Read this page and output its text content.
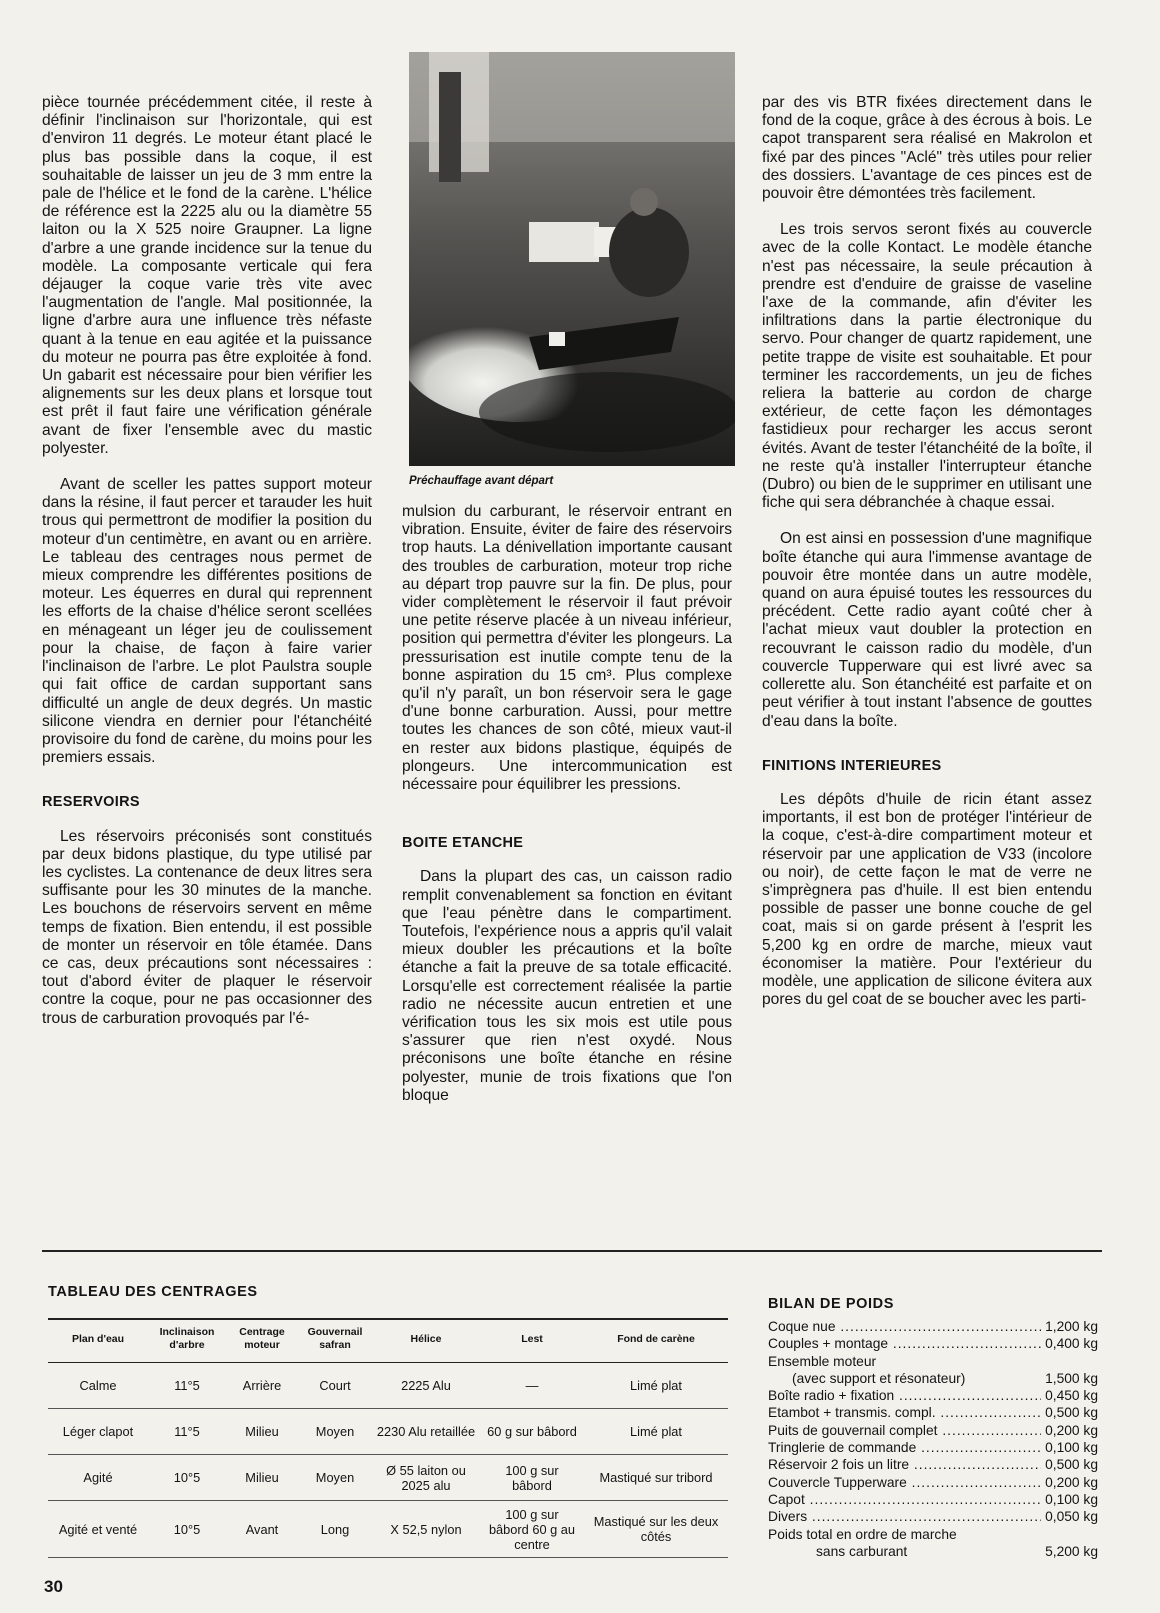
pièce tournée précédemment citée, il reste à définir l'inclinaison sur l'horizontale, qui est d'environ 11 degrés. Le moteur étant placé le plus bas possible dans la coque, il est souhaitable de laisser un jeu de 3 mm entre la pale de l'hélice et le fond de la carène. L'hélice de référence est la 2225 alu ou la diamètre 55 laiton ou la X 525 noire Graupner. La ligne d'arbre a une grande incidence sur la tenue du modèle. La composante verticale qui fera déjauger la coque varie très vite avec l'augmentation de l'angle. Mal positionnée, la ligne d'arbre aura une influence très néfaste quant à la tenue en eau agitée et la puissance du moteur ne pourra pas être exploitée à fond. Un gabarit est nécessaire pour bien vérifier les alignements sur les deux plans et lorsque tout est prêt il faut faire une vérification générale avant de fixer l'ensemble avec du mastic polyester.

Avant de sceller les pattes support moteur dans la résine, il faut percer et tarauder les huit trous qui permettront de modifier la position du moteur d'un centimètre, en avant ou en arrière. Le tableau des centrages nous permet de mieux comprendre les différentes positions de moteur. Les équerres en dural qui reprennent les efforts de la chaise d'hélice seront scellées en ménageant un léger jeu de coulissement pour la chaise, de façon à faire varier l'inclinaison de l'arbre. Le plot Paulstra souple qui fait office de cardan supportant sans difficulté un angle de deux degrés. Un mastic silicone viendra en dernier pour l'étanchéité provisoire du fond de carène, du moins pour les premiers essais.

RESERVOIRS

Les réservoirs préconisés sont constitués par deux bidons plastique, du type utilisé par les cyclistes. La contenance de deux litres sera suffisante pour les 30 minutes de la manche. Les bouchons de réservoirs servent en même temps de fixation. Bien entendu, il est possible de monter un réservoir en tôle étamée. Dans ce cas, deux précautions sont nécessaires : tout d'abord éviter de plaquer le réservoir contre la coque, pour ne pas occasionner des trous de carburation provoqués par l'é-

Préchauffage avant départ

mulsion du carburant, le réservoir entrant en vibration. Ensuite, éviter de faire des réservoirs trop hauts. La dénivellation importante causant des troubles de carburation, moteur trop riche au départ trop pauvre sur la fin. De plus, pour vider complètement le réservoir il faut prévoir une petite réserve placée à un niveau inférieur, position qui permettra d'éviter les plongeurs. La pressurisation est inutile compte tenu de la bonne aspiration du 15 cm³. Plus complexe qu'il n'y paraît, un bon réservoir sera le gage d'une bonne carburation. Aussi, pour mettre toutes les chances de son côté, mieux vaut-il en rester aux bidons plastique, équipés de plongeurs. Une intercommunication est nécessaire pour équilibrer les pressions.

BOITE ETANCHE

Dans la plupart des cas, un caisson radio remplit convenablement sa fonction en évitant que l'eau pénètre dans le compartiment. Toutefois, l'expérience nous a appris qu'il valait mieux doubler les précautions et la boîte étanche a fait la preuve de sa totale efficacité. Lorsqu'elle est correctement réalisée la partie radio ne nécessite aucun entretien et une vérification tous les six mois est utile pous s'assurer que rien n'est oxydé. Nous préconisons une boîte étanche en résine polyester, munie de trois fixations que l'on bloque

par des vis BTR fixées directement dans le fond de la coque, grâce à des écrous à bois. Le capot transparent sera réalisé en Makrolon et fixé par des pinces "Aclé" très utiles pour relier des dossiers. L'avantage de ces pinces est de pouvoir être démontées très facilement.

Les trois servos seront fixés au couvercle avec de la colle Kontact. Le modèle étanche n'est pas nécessaire, la seule précaution à prendre est d'enduire de graisse de vaseline l'axe de la commande, afin d'éviter les infiltrations dans la partie électronique du servo. Pour changer de quartz rapidement, une petite trappe de visite est souhaitable. Et pour terminer les raccordements, un jeu de fiches reliera la batterie au cordon de charge extérieur, de cette façon les démontages fastidieux pour recharger les accus seront évités. Avant de tester l'étanchéité de la boîte, il ne reste qu'à installer l'interrupteur étanche (Dubro) ou bien de le supprimer en utilisant une fiche qui sera débranchée à chaque essai.

On est ainsi en possession d'une magnifique boîte étanche qui aura l'immense avantage de pouvoir être montée dans un autre modèle, quand on aura épuisé toutes les ressources du précédent. Cette radio ayant coûté cher à l'achat mieux vaut doubler la protection en recouvrant le caisson radio du modèle, d'un couvercle Tupperware qui est livré avec sa collerette alu. Son étanchéité est parfaite et on peut vérifier à tout instant l'absence de gouttes d'eau dans la boîte.

FINITIONS INTERIEURES

Les dépôts d'huile de ricin étant assez importants, il est bon de protéger l'intérieur de la coque, c'est-à-dire compartiment moteur et réservoir par une application de V33 (incolore ou noir), de cette façon le mat de verre ne s'imprègnera pas d'huile. Il est bien entendu possible de passer une bonne couche de gel coat, mais si on garde présent à l'esprit les 5,200 kg en ordre de marche, mieux vaut économiser la matière. Pour l'extérieur du modèle, une application de silicone évitera aux pores du gel coat de se boucher avec les parti-

TABLEAU DES CENTRAGES
Plan d'eau	Inclinaison d'arbre	Centrage moteur	Gouvernail safran	Hélice	Lest	Fond de carène
Calme	11°5	Arrière	Court	2225 Alu	—	Limé plat
Léger clapot	11°5	Milieu	Moyen	2230 Alu retaillée	60 g sur bâbord	Limé plat
Agité	10°5	Milieu	Moyen	Ø 55 laiton ou 2025 alu	100 g sur bâbord	Mastiqué sur tribord
Agité et venté	10°5	Avant	Long	X 52,5 nylon	100 g sur bâbord 60 g au centre	Mastiqué sur les deux côtés
BILAN DE POIDS
Coque nue .....	1,200 kg
Couples + montage .....	0,400 kg
Ensemble moteur
(avec support et résonateur)	1,500 kg
Boîte radio + fixation .....	0,450 kg
Etambot + transmis. compl. .....	0,500 kg
Puits de gouvernail complet .....	0,200 kg
Tringlerie de commande .....	0,100 kg
Réservoir 2 fois un litre .....	0,500 kg
Couvercle Tupperware .....	0,200 kg
Capot .....	0,100 kg
Divers .....	0,050 kg
Poids total en ordre de marche
sans carburant	5,200 kg
30
